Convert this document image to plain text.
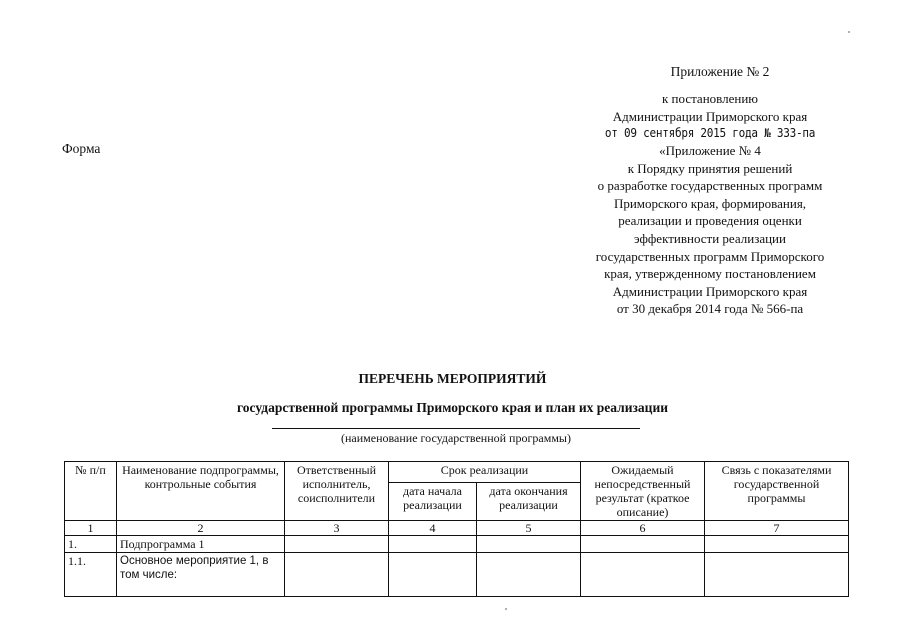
Приложение № 2
к постановлению
Администрации Приморского края
от 09 сентября 2015 года № 333-па
Форма	«Приложение № 4
к Порядку принятия решений
о разработке государственных программ
Приморского края, формирования,
реализации и проведения оценки
эффективности реализации
государственных программ Приморского
края, утвержденному постановлением
Администрации Приморского края
от 30 декабря 2014 года № 566-па
ПЕРЕЧЕНЬ МЕРОПРИЯТИЙ
государственной программы Приморского края и план их реализации
(наименование государственной программы)
№ п/п	Наименование подпрограммы, контрольные события	Ответственный исполнитель, соисполнители	Срок реализации		Ожидаемый непосредственный результат (краткое описание)	Связь с показателями государственной программы
			дата начала реализации	дата окончания реализации		
1	2	3	4	5	6	7
1.	Подпрограмма 1					
1.1.	Основное мероприятие 1, в том числе:					
